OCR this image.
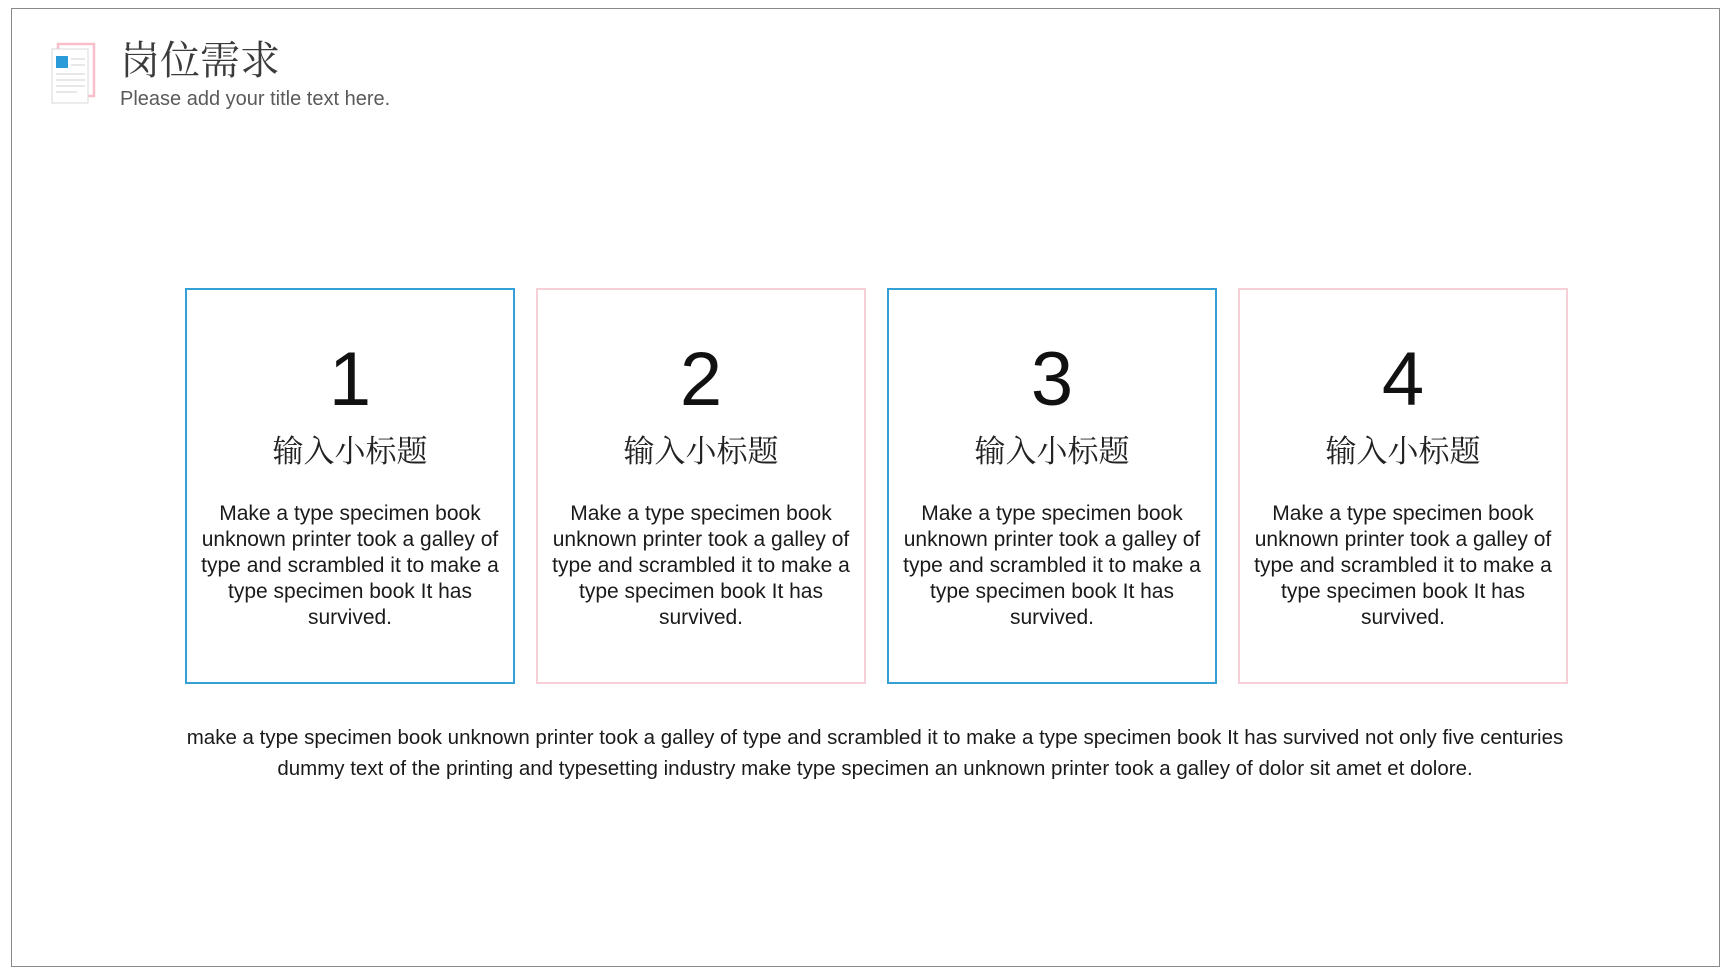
岗位需求
Please add your title text here.
1
输入小标题
Make a type specimen book unknown printer took a galley of type and scrambled it to make a type specimen book It has survived.
2
输入小标题
Make a type specimen book unknown printer took a galley of type and scrambled it to make a type specimen book It has survived.
3
输入小标题
Make a type specimen book unknown printer took a galley of type and scrambled it to make a type specimen book It has survived.
4
输入小标题
Make a type specimen book unknown printer took a galley of type and scrambled it to make a type specimen book It has survived.
make a type specimen book unknown printer took a galley of type and scrambled it to make a type specimen book It has survived not only five centuries dummy text of the printing and typesetting industry make type specimen an unknown printer took a galley of dolor sit amet et dolore.
